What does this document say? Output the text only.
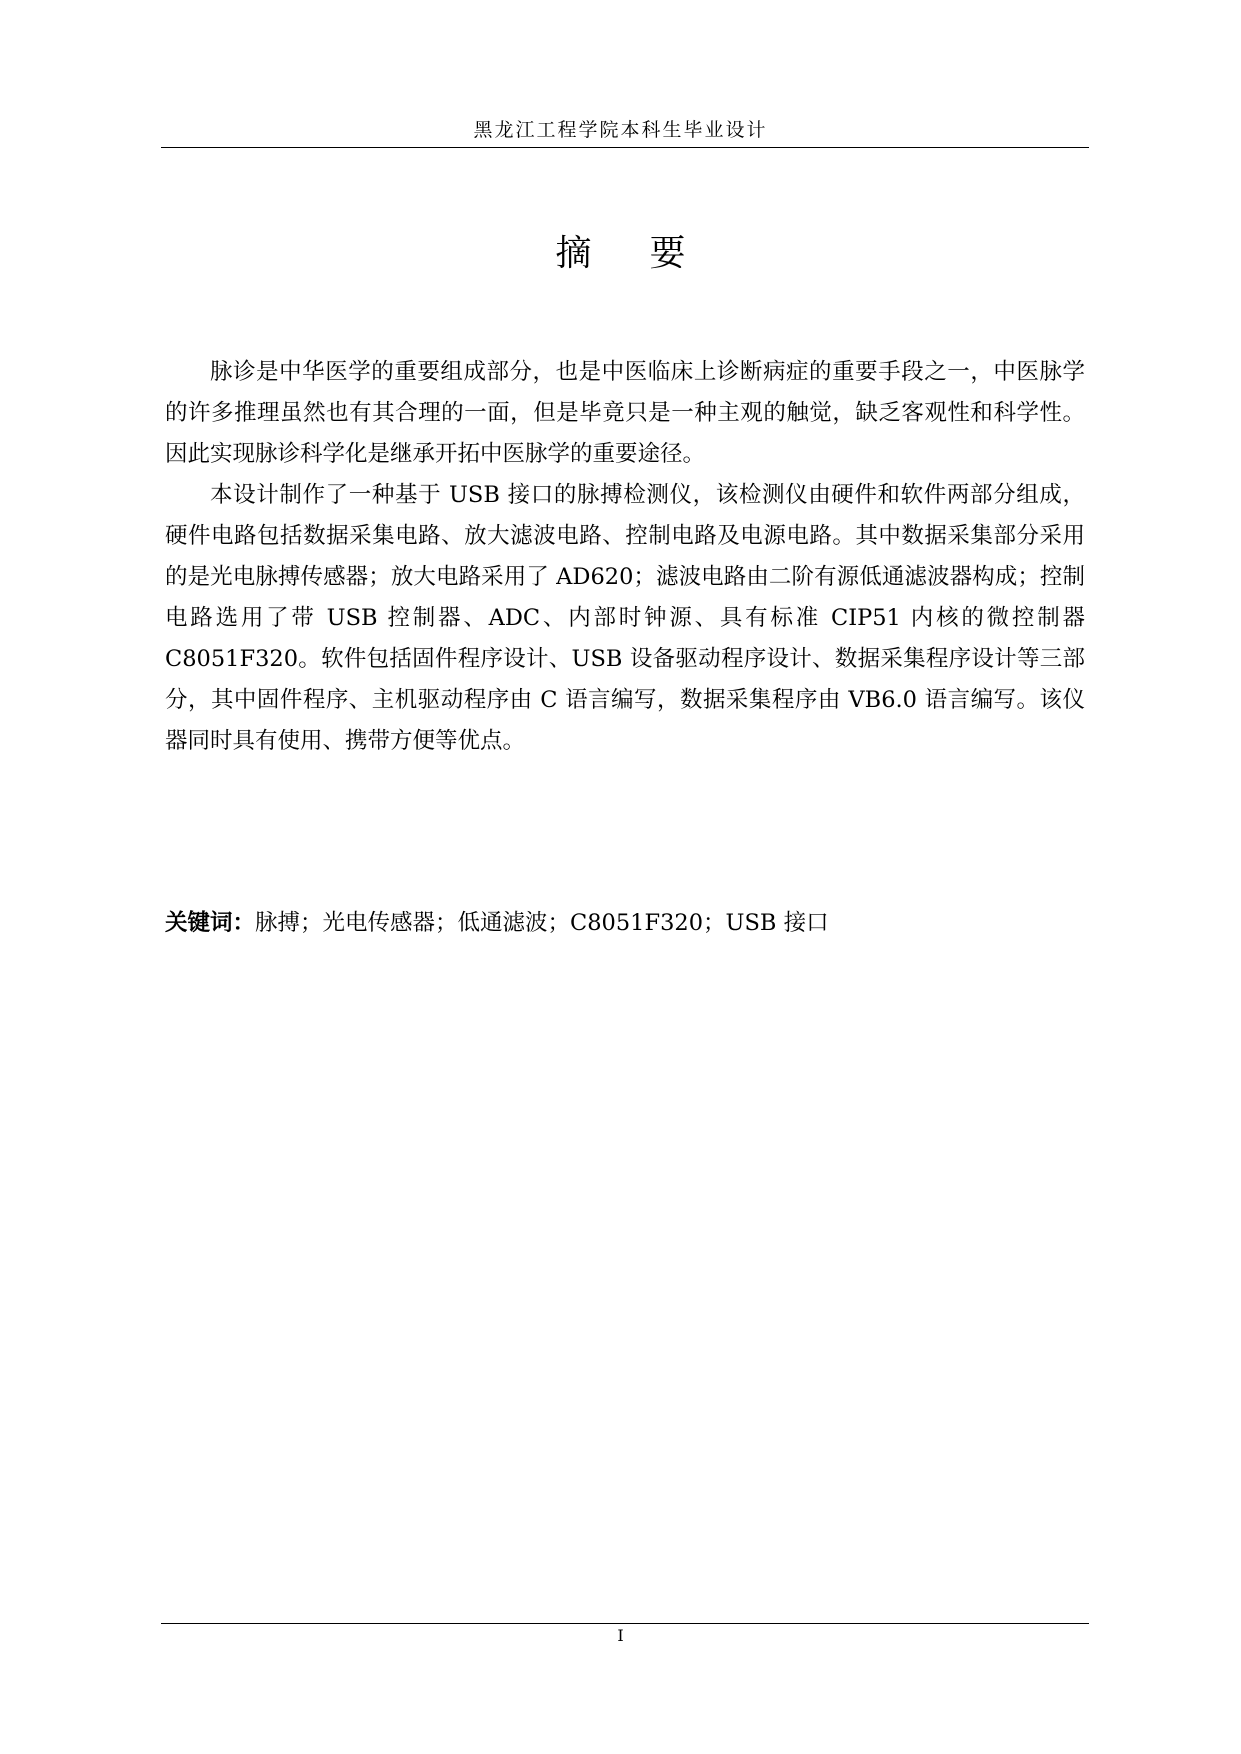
黑龙江工程学院本科生毕业设计
摘要

脉诊是中华医学的重要组成部分，也是中医临床上诊断病症的重要手段之一，中医脉学的许多推理虽然也有其合理的一面，但是毕竟只是一种主观的触觉，缺乏客观性和科学性。因此实现脉诊科学化是继承开拓中医脉学的重要途径。

本设计制作了一种基于 USB 接口的脉搏检测仪，该检测仪由硬件和软件两部分组成，硬件电路包括数据采集电路、放大滤波电路、控制电路及电源电路。其中数据采集部分采用的是光电脉搏传感器；放大电路采用了 AD620；滤波电路由二阶有源低通滤波器构成；控制电路选用了带 USB 控制器、ADC、内部时钟源、具有标准 CIP51 内核的微控制器 C8051F320。软件包括固件程序设计、USB 设备驱动程序设计、数据采集程序设计等三部分，其中固件程序、主机驱动程序由 C 语言编写，数据采集程序由 VB6.0 语言编写。该仪器同时具有使用、携带方便等优点。

关键词：脉搏；光电传感器；低通滤波；C8051F320；USB 接口
I
